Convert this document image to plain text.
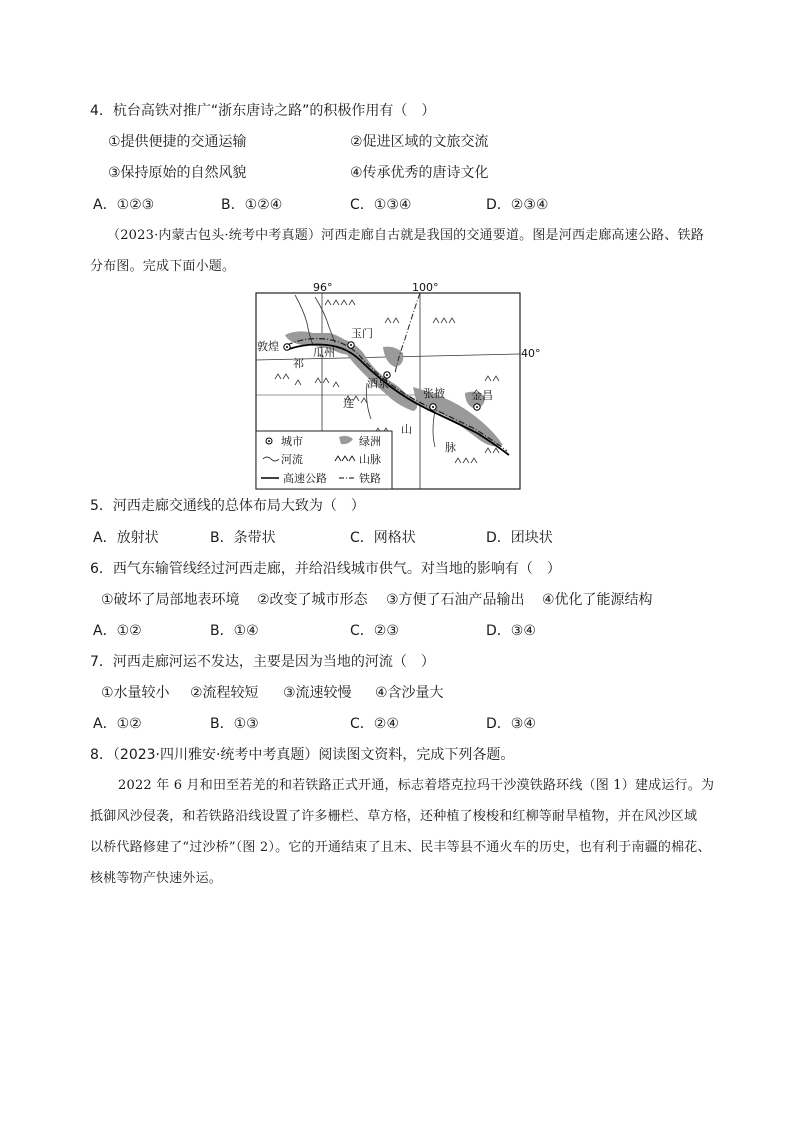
4．杭台高铁对推广“浙东唐诗之路”的积极作用有（　）
①提供便捷的交通运输	②促进区域的文旅交流
③保持原始的自然风貌	④传承优秀的唐诗文化
A．①②③	B．①②④	C．①③④	D．②③④
（2023·内蒙古包头·统考中考真题）河西走廊自古就是我国的交通要道。图是河西走廊高速公路、铁路
分布图。完成下面小题。
96°	100°
40°
敦煌
玉门
瓜州
酒泉
张掖 金昌
祁
连
山
脉
城市	绿洲
河流	山脉
高速公路	铁路
5．河西走廊交通线的总体布局大致为（　）
A．放射状	B．条带状	C．网格状	D．团块状
6．西气东输管线经过河西走廊，并给沿线城市供气。对当地的影响有（　）
①破坏了局部地表环境 ②改变了城市形态 ③方便了石油产品输出 ④优化了能源结构
A．①②	B．①④	C．②③	D．③④
7．河西走廊河运不发达，主要是因为当地的河流（　）
①水量较小 ②流程较短 ③流速较慢 ④含沙量大
A．①②	B．①③	C．②④	D．③④
8．（2023·四川雅安·统考中考真题）阅读图文资料，完成下列各题。
2022 年 6 月和田至若羌的和若铁路正式开通，标志着塔克拉玛干沙漠铁路环线（图 1）建成运行。为
抵御风沙侵袭，和若铁路沿线设置了许多栅栏、草方格，还种植了梭梭和红柳等耐旱植物，并在风沙区域
以桥代路修建了“过沙桥”（图 2）。它的开通结束了且末、民丰等县不通火车的历史，也有利于南疆的棉花、
核桃等物产快速外运。
